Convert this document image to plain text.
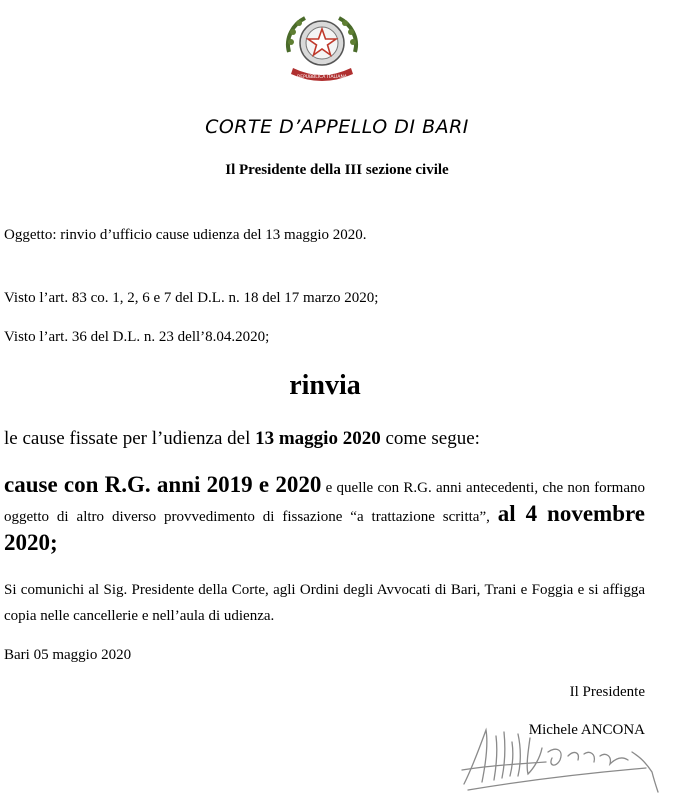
REPUBBLICA ITALIANA
CORTE D’APPELLO DI BARI
Il Presidente della III sezione civile
Oggetto: rinvio d’ufficio cause udienza del 13 maggio 2020.
Visto l’art. 83 co. 1, 2, 6 e 7 del D.L. n. 18 del 17 marzo 2020;
Visto l’art. 36 del D.L. n. 23 dell’8.04.2020;
rinvia
le cause fissate per l’udienza del 13 maggio 2020 come segue:
cause con R.G. anni 2019 e 2020 e quelle con R.G. anni antecedenti, che non formano oggetto di altro diverso provvedimento di fissazione “a trattazione scritta”, al 4 novembre 2020;
Si comunichi al Sig. Presidente della Corte, agli Ordini degli Avvocati di Bari, Trani e Foggia e si affigga copia nelle cancellerie e nell’aula di udienza.
Bari 05 maggio 2020
Il Presidente
Michele ANCONA
Michele Ancona
